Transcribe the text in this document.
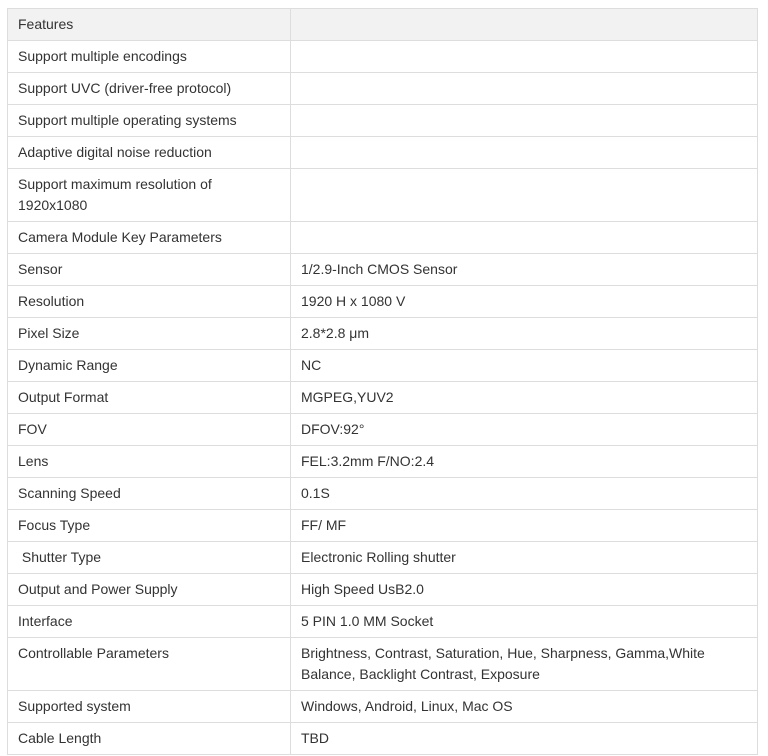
Features	
Support multiple encodings	
Support UVC (driver-free protocol)	
Support multiple operating systems	
Adaptive digital noise reduction	
Support maximum resolution of 1920x1080	
Camera Module Key Parameters	
Sensor	1/2.9-Inch CMOS Sensor
Resolution	1920 H x 1080 V
Pixel Size	2.8*2.8 μm
Dynamic Range	NC
Output Format	MGPEG,YUV2
FOV	DFOV:92°
Lens	FEL:3.2mm F/NO:2.4
Scanning Speed	0.1S
Focus Type	FF/ MF
Shutter Type	Electronic Rolling shutter
Output and Power Supply	High Speed UsB2.0
Interface	5 PIN 1.0 MM Socket
Controllable Parameters	Brightness, Contrast, Saturation, Hue, Sharpness, Gamma,White Balance, Backlight Contrast, Exposure
Supported system	Windows, Android, Linux, Mac OS
Cable Length	TBD
